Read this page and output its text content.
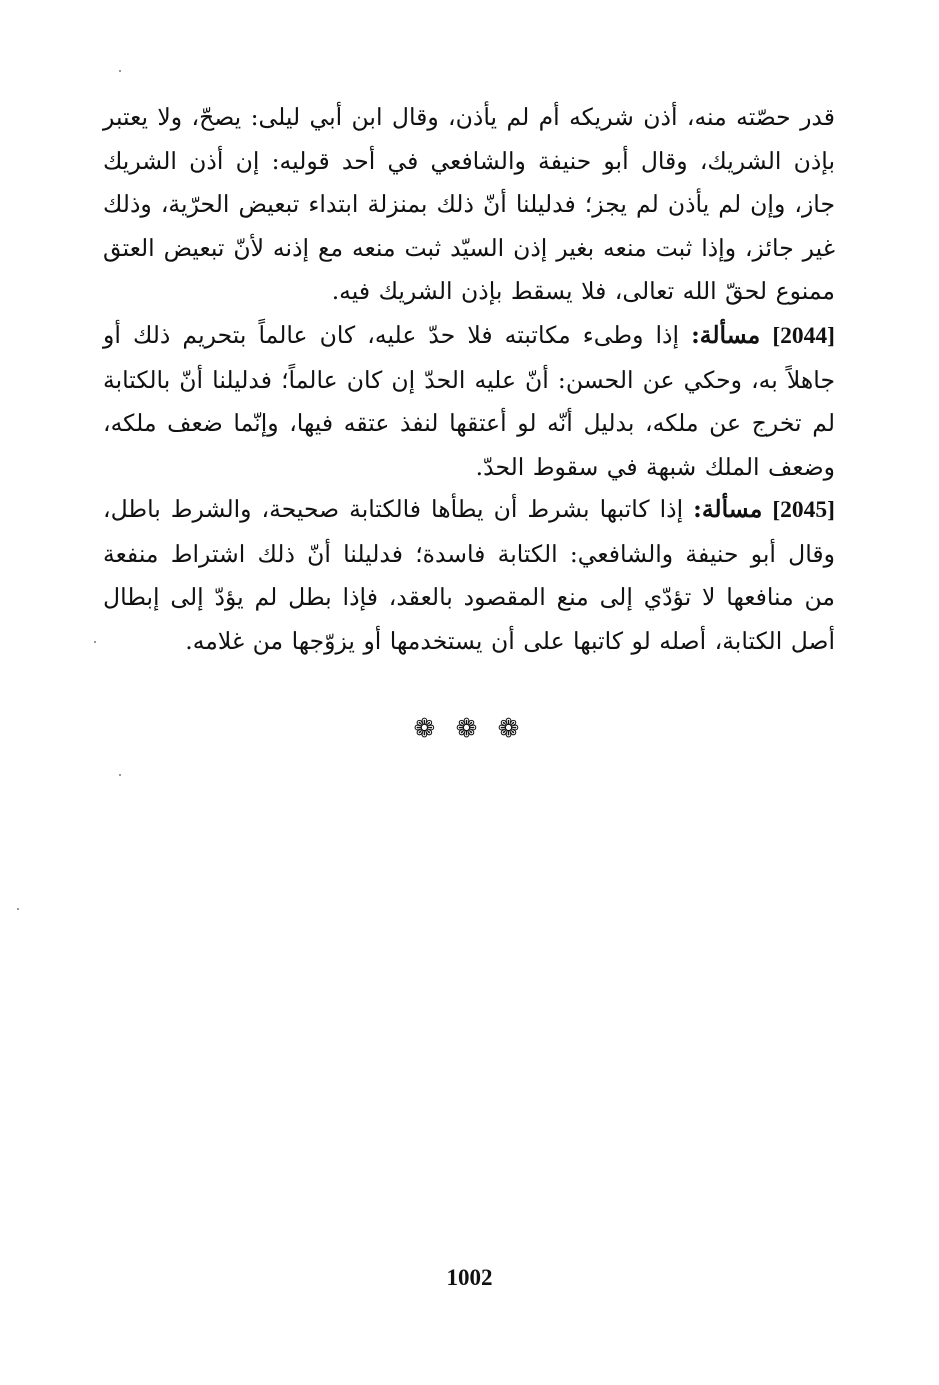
قدر حصّته منه، أذن شريكه أم لم يأذن، وقال ابن أبي ليلى: يصحّ، ولا يعتبر بإذن الشريك، وقال أبو حنيفة والشافعي في أحد قوليه: إن أذن الشريك جاز، وإن لم يأذن لم يجز؛ فدليلنا أنّ ذلك بمنزلة ابتداء تبعيض الحرّية، وذلك غير جائز، وإذا ثبت منعه بغير إذن السيّد ثبت منعه مع إذنه لأنّ تبعيض العتق ممنوع لحقّ الله تعالى، فلا يسقط بإذن الشريك فيه.

[2044] مسألة: إذا وطىء مكاتبته فلا حدّ عليه، كان عالماً بتحريم ذلك أو جاهلاً به، وحكي عن الحسن: أنّ عليه الحدّ إن كان عالماً؛ فدليلنا أنّ بالكتابة لم تخرج عن ملكه، بدليل أنّه لو أعتقها لنفذ عتقه فيها، وإنّما ضعف ملكه، وضعف الملك شبهة في سقوط الحدّ.

[2045] مسألة: إذا كاتبها بشرط أن يطأها فالكتابة صحيحة، والشرط باطل، وقال أبو حنيفة والشافعي: الكتابة فاسدة؛ فدليلنا أنّ ذلك اشتراط منفعة من منافعها لا تؤدّي إلى منع المقصود بالعقد، فإذا بطل لم يؤدّ إلى إبطال أصل الكتابة، أصله لو كاتبها على أن يستخدمها أو يزوّجها من غلامه.

❁ ❁ ❁
1002
